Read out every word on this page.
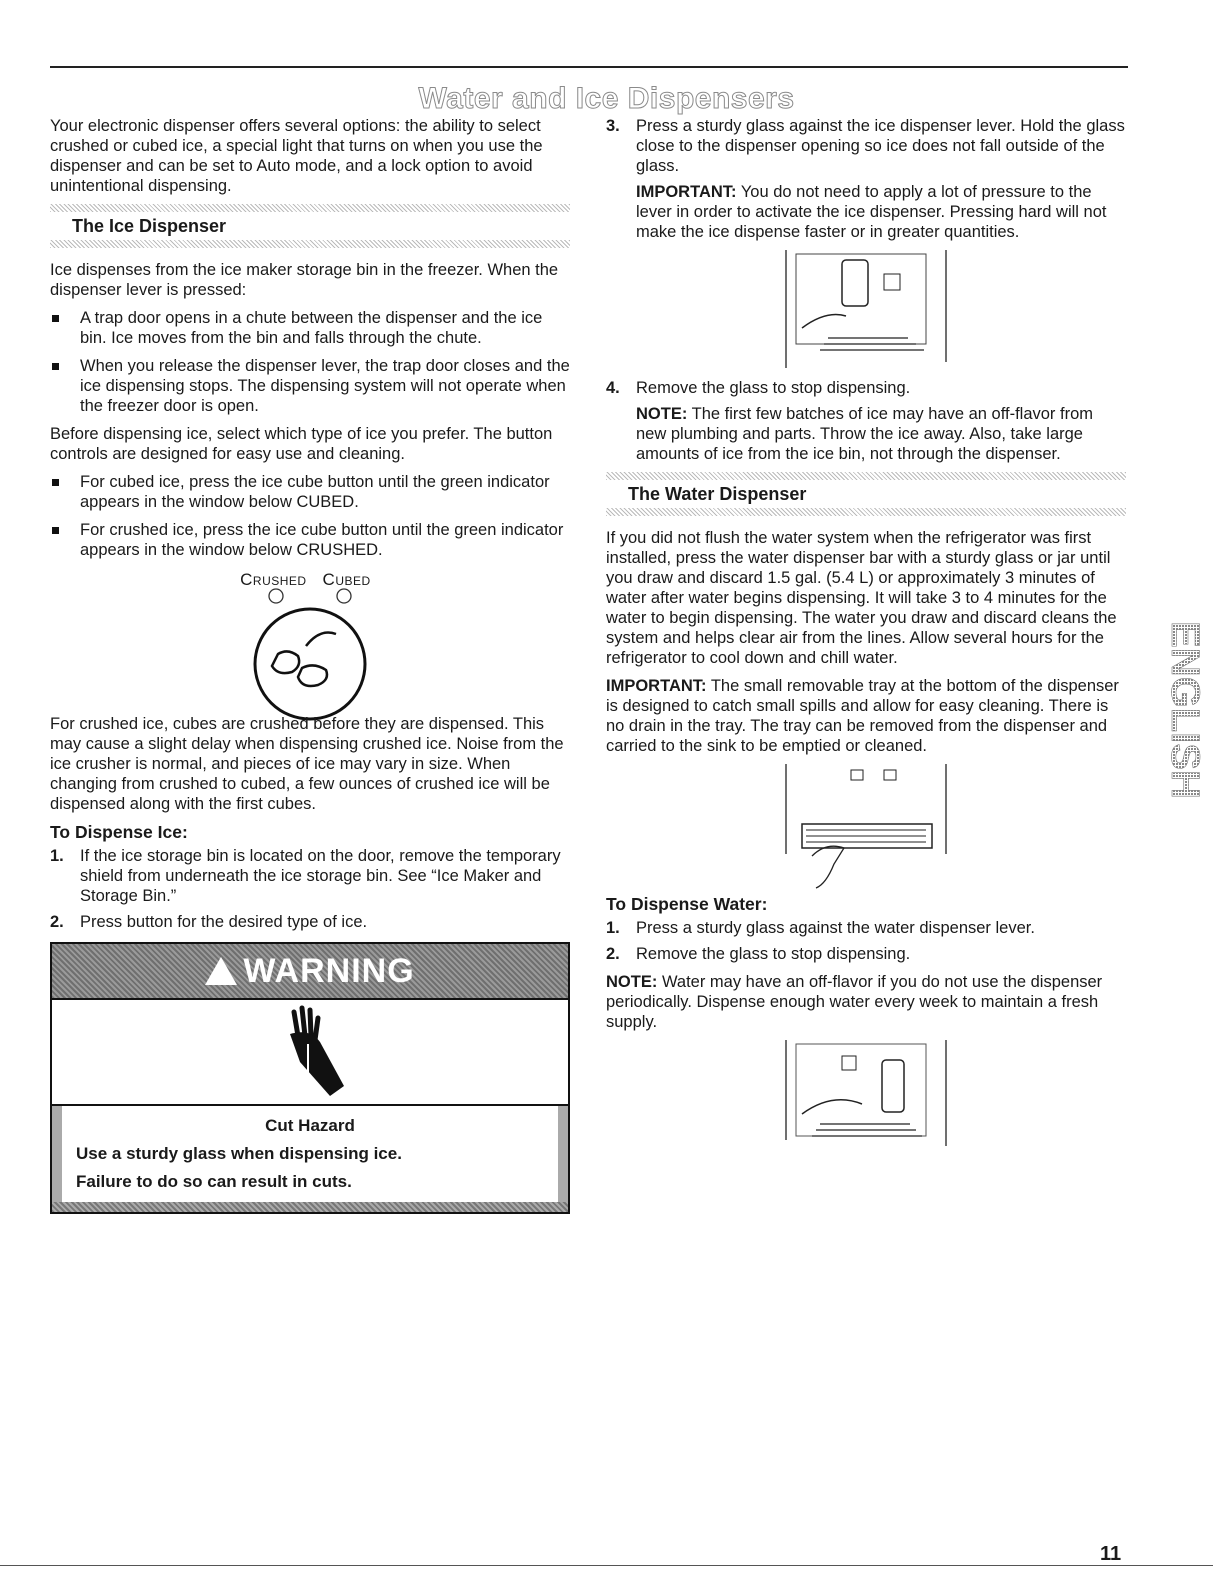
Water and Ice Dispensers

Your electronic dispenser offers several options: the ability to select crushed or cubed ice, a special light that turns on when you use the dispenser and can be set to Auto mode, and a lock option to avoid unintentional dispensing.

The Ice Dispenser

Ice dispenses from the ice maker storage bin in the freezer. When the dispenser lever is pressed:

A trap door opens in a chute between the dispenser and the ice bin. Ice moves from the bin and falls through the chute.
When you release the dispenser lever, the trap door closes and the ice dispensing stops. The dispensing system will not operate when the freezer door is open.

Before dispensing ice, select which type of ice you prefer. The button controls are designed for easy use and cleaning.

For cubed ice, press the ice cube button until the green indicator appears in the window below CUBED.
For crushed ice, press the ice cube button until the green indicator appears in the window below CRUSHED.
Crushed Cubed

For crushed ice, cubes are crushed before they are dispensed. This may cause a slight delay when dispensing crushed ice. Noise from the ice crusher is normal, and pieces of ice may vary in size. When changing from crushed to cubed, a few ounces of crushed ice will be dispensed along with the first cubes.

To Dispense Ice:
1. If the ice storage bin is located on the door, remove the temporary shield from underneath the ice storage bin. See “Ice Maker and Storage Bin.”
2. Press button for the desired type of ice.
WARNING
Cut Hazard
Use a sturdy glass when dispensing ice.
Failure to do so can result in cuts.
3. Press a sturdy glass against the ice dispenser lever. Hold the glass close to the dispenser opening so ice does not fall outside of the glass.

IMPORTANT: You do not need to apply a lot of pressure to the lever in order to activate the ice dispenser. Pressing hard will not make the ice dispense faster or in greater quantities.

4. Remove the glass to stop dispensing.

NOTE: The first few batches of ice may have an off-flavor from new plumbing and parts. Throw the ice away. Also, take large amounts of ice from the ice bin, not through the dispenser.

The Water Dispenser

If you did not flush the water system when the refrigerator was first installed, press the water dispenser bar with a sturdy glass or jar until you draw and discard 1.5 gal. (5.4 L) or approximately 3 minutes of water after water begins dispensing. It will take 3 to 4 minutes for the water to begin dispensing. The water you draw and discard cleans the system and helps clear air from the lines. Allow several hours for the refrigerator to cool down and chill water.

IMPORTANT: The small removable tray at the bottom of the dispenser is designed to catch small spills and allow for easy cleaning. There is no drain in the tray. The tray can be removed from the dispenser and carried to the sink to be emptied or cleaned.

To Dispense Water:
1. Press a sturdy glass against the water dispenser lever.
2. Remove the glass to stop dispensing.

NOTE: Water may have an off-flavor if you do not use the dispenser periodically. Dispense enough water every week to maintain a fresh supply.

ENGLISH
11
